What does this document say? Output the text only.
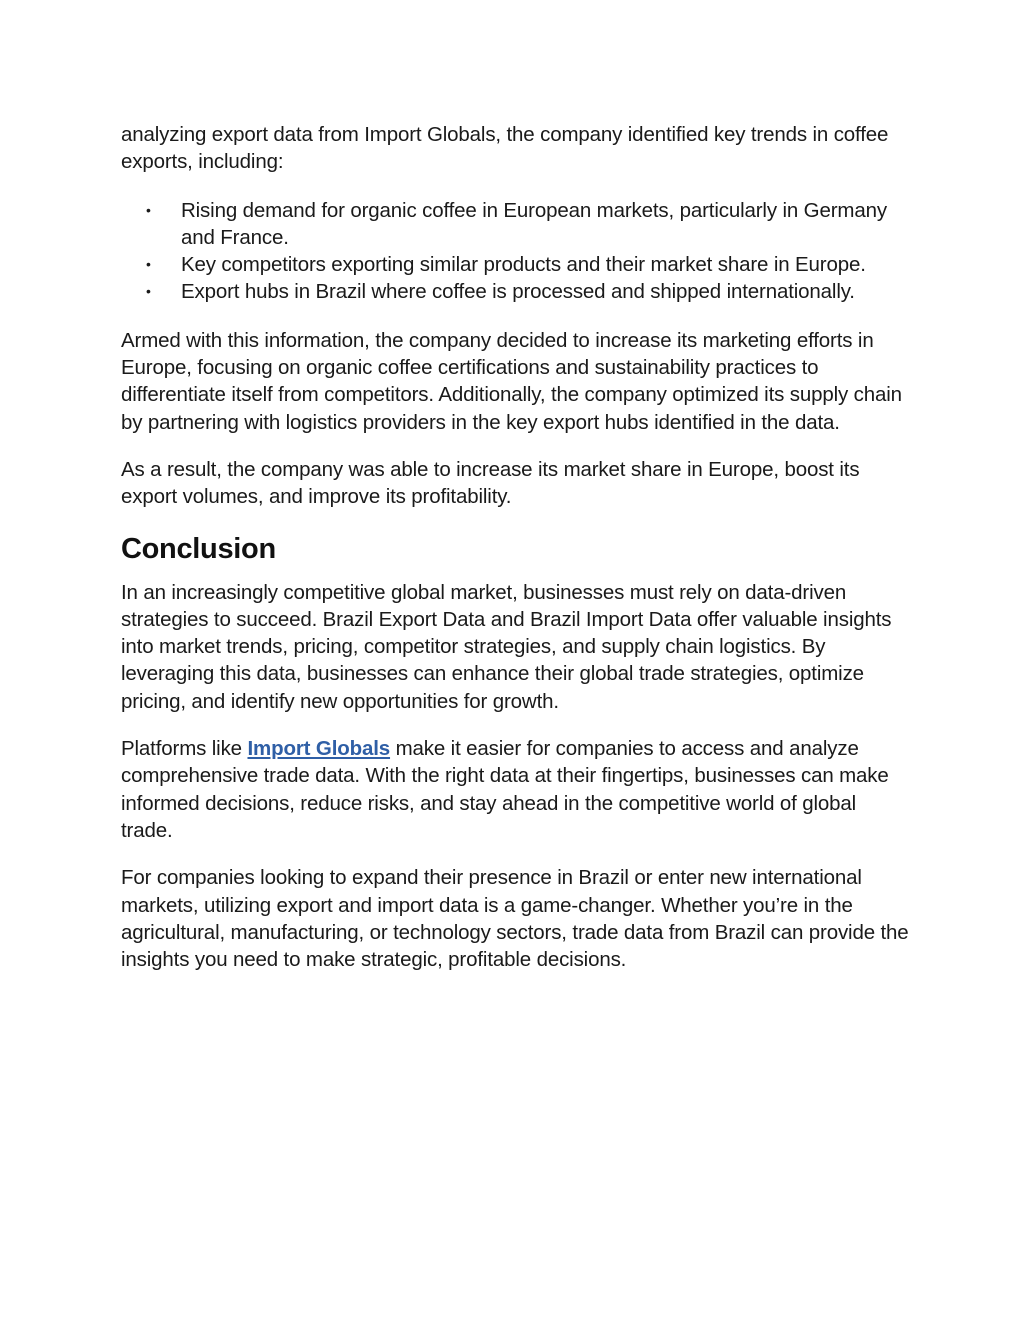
analyzing export data from Import Globals, the company identified key trends in coffee exports, including:

• Rising demand for organic coffee in European markets, particularly in Germany and France.
• Key competitors exporting similar products and their market share in Europe.
• Export hubs in Brazil where coffee is processed and shipped internationally.

Armed with this information, the company decided to increase its marketing efforts in Europe, focusing on organic coffee certifications and sustainability practices to differentiate itself from competitors. Additionally, the company optimized its supply chain by partnering with logistics providers in the key export hubs identified in the data.

As a result, the company was able to increase its market share in Europe, boost its export volumes, and improve its profitability.

Conclusion

In an increasingly competitive global market, businesses must rely on data-driven strategies to succeed. Brazil Export Data and Brazil Import Data offer valuable insights into market trends, pricing, competitor strategies, and supply chain logistics. By leveraging this data, businesses can enhance their global trade strategies, optimize pricing, and identify new opportunities for growth.

Platforms like Import Globals make it easier for companies to access and analyze comprehensive trade data. With the right data at their fingertips, businesses can make informed decisions, reduce risks, and stay ahead in the competitive world of global trade.

For companies looking to expand their presence in Brazil or enter new international markets, utilizing export and import data is a game-changer. Whether you’re in the agricultural, manufacturing, or technology sectors, trade data from Brazil can provide the insights you need to make strategic, profitable decisions.
